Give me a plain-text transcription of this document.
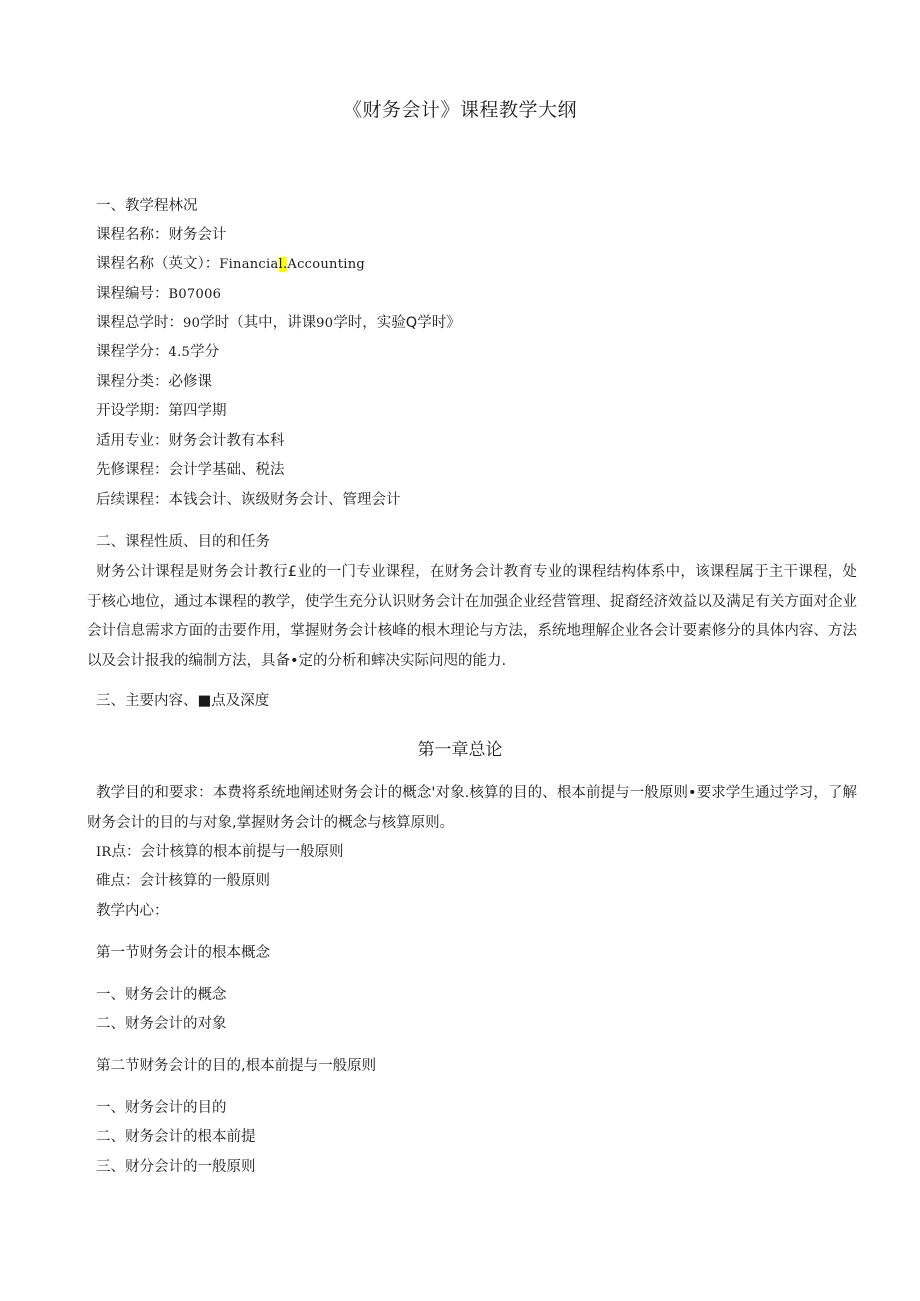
《财务会计》课程教学大纲
一、教学程林况
课程名称：财务会计
课程名称（英文）：Financial.Accounting
课程编号：B07006
课程总学时：90学时（其中，讲课90学时，实验Q学时》
课程学分：4.5学分
课程分类：必修课
开设学期：第四学期
适用专业：财务会计教有本科
先修课程：会计学基础、税法
后续课程：本钱会计、诙级财务会计、管理会计
二、课程性质、目的和任务
财务公计课程是财务会计教行£业的一门专业课程，在财务会计教育专业的课程结构体系中，该课程属于主干课程，处于核心地位，通过本课程的教学，使学生充分认识财务会计在加强企业经营管理、捉裔经济效益以及满足有关方面对企业会计信息需求方面的击要作用，掌握财务会计核峰的根木理论与方法，系统地理解企业各会计要素修分的具体内容、方法以及会计报我的编制方法，具备•定的分析和蟀决实际问咫的能力.
三、主要内容、■点及深度
第一章总论
教学目的和要求：本费将系统地阐述财务会计的概念'对象.核算的目的、根本前提与一般原则•要求学生通过学习，了解财务会计的目的与对象,掌握财务会计的概念与核算原则。
IR点：会计核算的根本前提与一般原则
碓点：会计核算的一般原则
教学内心：
第一节财务会计的根本概念
一、财务会计的概念
二、财务会计的对象
第二节财务会计的目的,根本前提与一般原则
一、财务会计的目的
二、财务会计的根本前提
三、财分会计的一般原则
